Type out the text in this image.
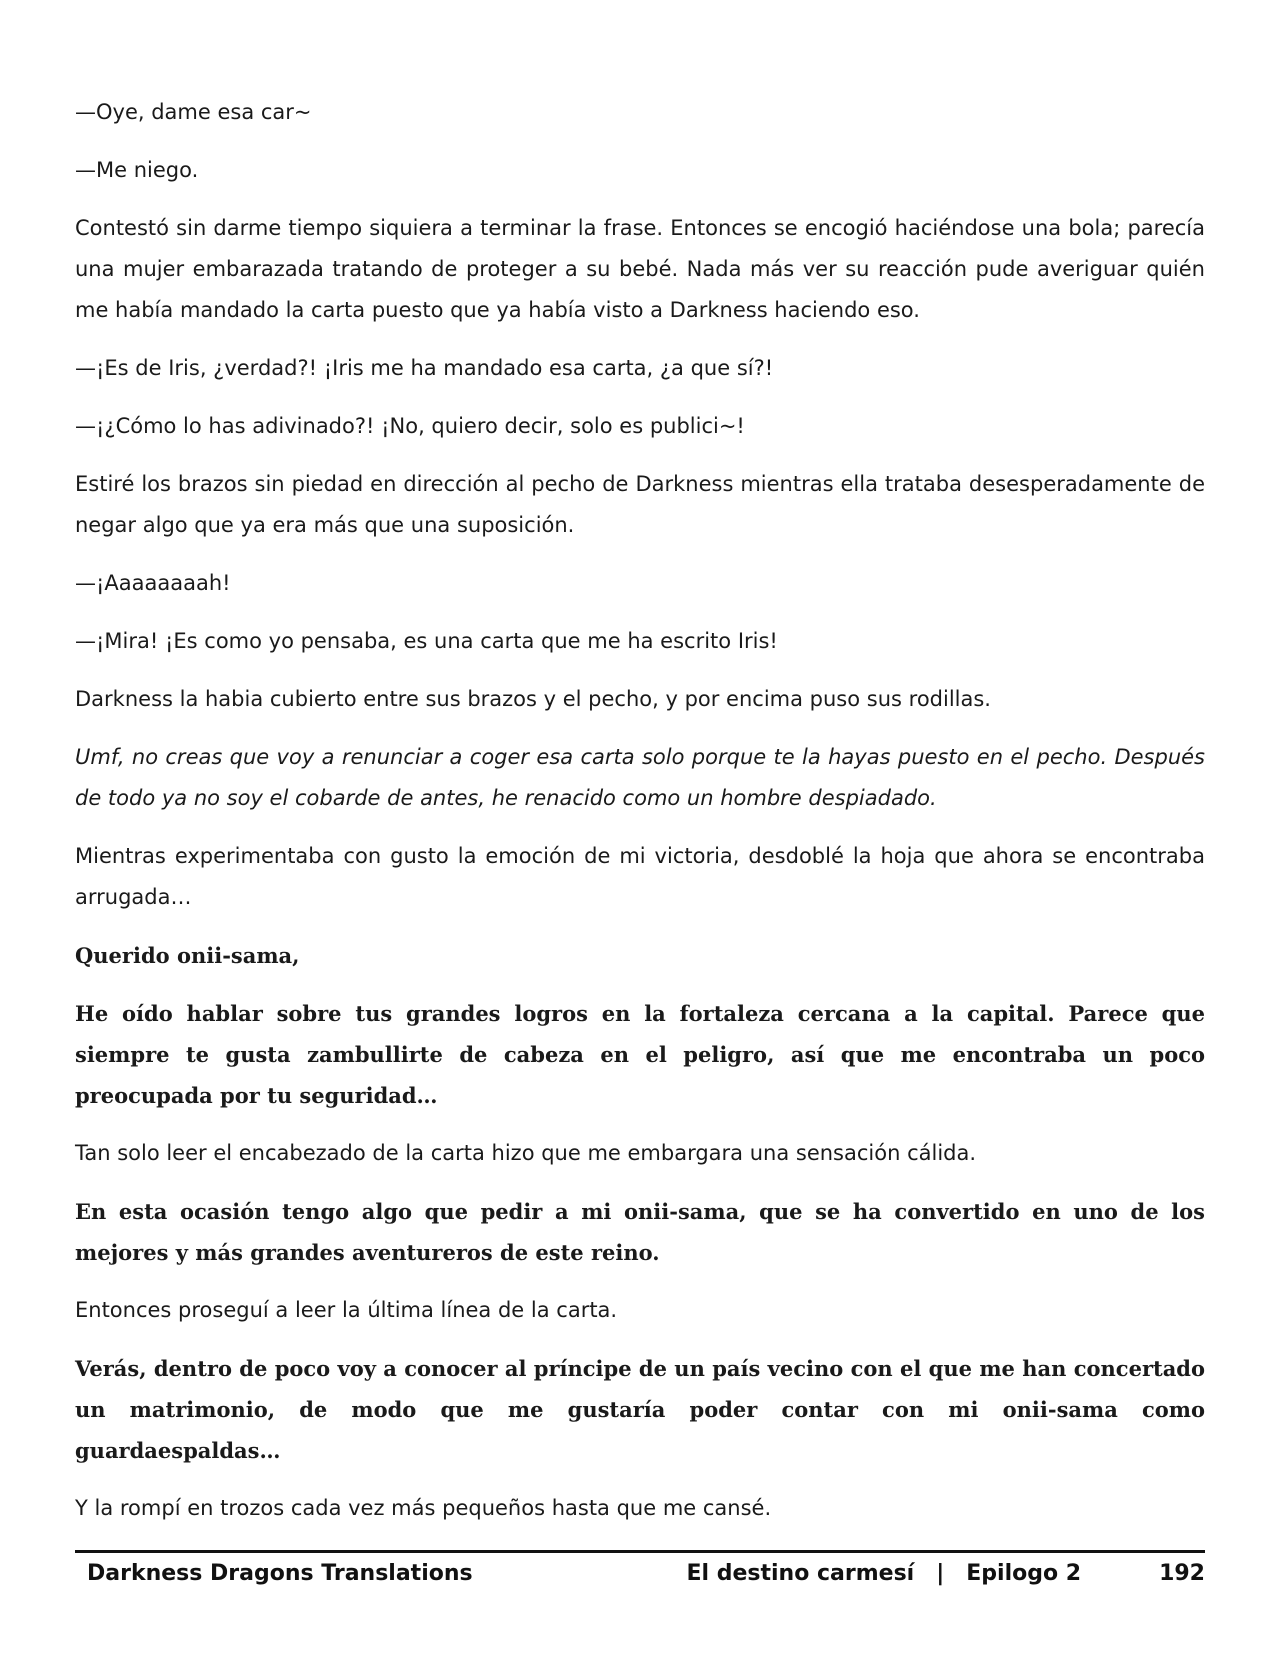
—Oye, dame esa car~

—Me niego.

Contestó sin darme tiempo siquiera a terminar la frase. Entonces se encogió haciéndose una bola; parecía una mujer embarazada tratando de proteger a su bebé. Nada más ver su reacción pude averiguar quién me había mandado la carta puesto que ya había visto a Darkness haciendo eso.

—¡Es de Iris, ¿verdad?! ¡Iris me ha mandado esa carta, ¿a que sí?!

—¡¿Cómo lo has adivinado?! ¡No, quiero decir, solo es publici~!

Estiré los brazos sin piedad en dirección al pecho de Darkness mientras ella trataba desesperadamente de negar algo que ya era más que una suposición.

—¡Aaaaaaaah!

—¡Mira! ¡Es como yo pensaba, es una carta que me ha escrito Iris!

Darkness la habia cubierto entre sus brazos y el pecho, y por encima puso sus rodillas.

Umf, no creas que voy a renunciar a coger esa carta solo porque te la hayas puesto en el pecho. Después de todo ya no soy el cobarde de antes, he renacido como un hombre despiadado.

Mientras experimentaba con gusto la emoción de mi victoria, desdoblé la hoja que ahora se encontraba arrugada…

Querido onii-sama,

He oído hablar sobre tus grandes logros en la fortaleza cercana a la capital. Parece que siempre te gusta zambullirte de cabeza en el peligro, así que me encontraba un poco preocupada por tu seguridad…

Tan solo leer el encabezado de la carta hizo que me embargara una sensación cálida.

En esta ocasión tengo algo que pedir a mi onii-sama, que se ha convertido en uno de los mejores y más grandes aventureros de este reino.

Entonces proseguí a leer la última línea de la carta.

Verás, dentro de poco voy a conocer al príncipe de un país vecino con el que me han concertado un matrimonio, de modo que me gustaría poder contar con mi onii-sama como guardaespaldas…

Y la rompí en trozos cada vez más pequeños hasta que me cansé.

Darkness Dragons Translations	El destino carmesí | Epilogo 2	192
